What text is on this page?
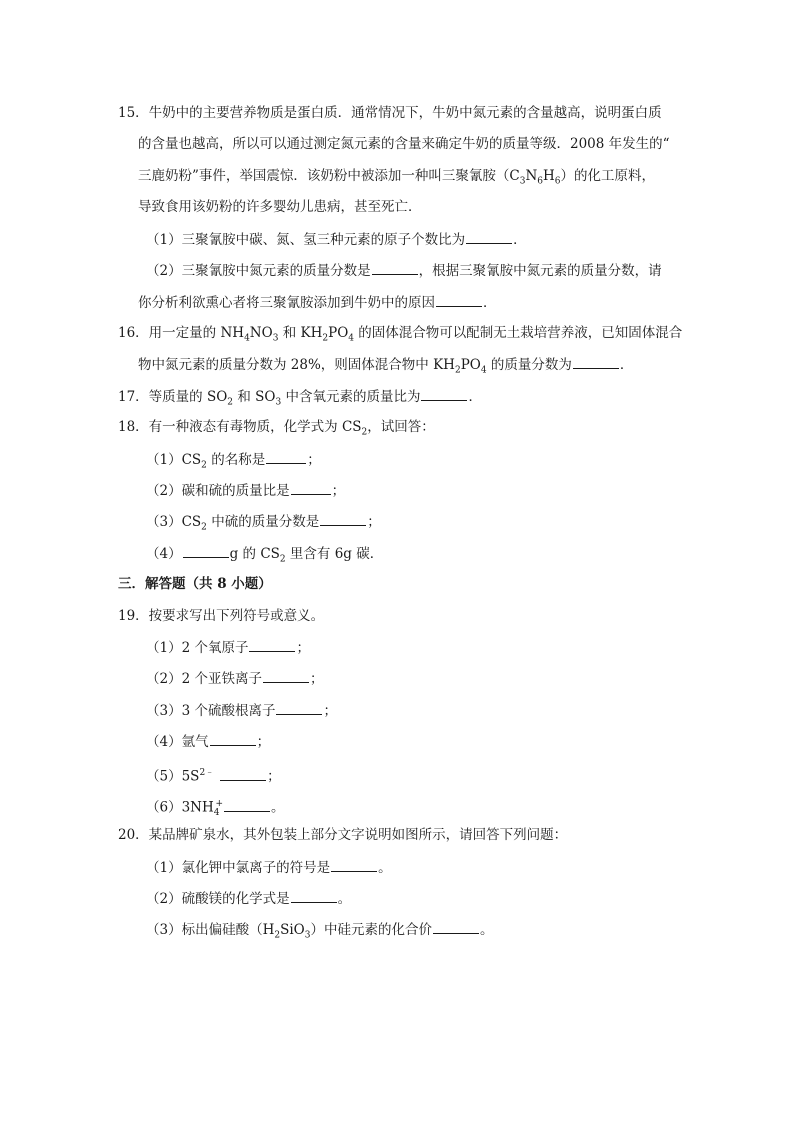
15．牛奶中的主要营养物质是蛋白质．通常情况下，牛奶中氮元素的含量越高，说明蛋白质
的含量也越高，所以可以通过测定氮元素的含量来确定牛奶的质量等级．2008 年发生的“
三鹿奶粉”事件，举国震惊．该奶粉中被添加一种叫三聚氰胺$(C_3N_6H_6)$的化工原料，
导致食用该奶粉的许多婴幼儿患病，甚至死亡．
（1）三聚氰胺中碳、氮、氢三种元素的原子个数比为	．
（2）三聚氰胺中氮元素的质量分数是	，根据三聚氰胺中氮元素的质量分数，请
你分析利欲熏心者将三聚氰胺添加到牛奶中的原因	．
16．用一定量的 $NH_4NO_3$ 和 $KH_2PO_4$ 的固体混合物可以配制无土栽培营养液，已知固体混合
物中氮元素的质量分数为 28%，则固体混合物中 $KH_2PO_4$ 的质量分数为	．
17．等质量的 $SO_2$ 和 $SO_3$ 中含氧元素的质量比为	．
18．有一种液态有毒物质，化学式为 $CS_2$，试回答：
$(1)CS_2$ 的名称是	；
（2）碳和硫的质量比是	；
$(3)CS_2$ 中硫的质量分数是	；
（4）	g 的 $CS_2$ 里含有 6g 碳．
三．解答题（共 8 小题）
19．按要求写出下列符号或意义。
（1）2 个氧原子	；
（2）2 个亚铁离子	；
（3）3 个硫酸根离子	；
（4）氩气	；
$(5)5S^{2﹣}$	；
$(6)3NH_4^+$	。
20．某品牌矿泉水，其外包装上部分文字说明如图所示，请回答下列问题：
（1）氯化钾中氯离子的符号是	。
（2）硫酸镁的化学式是	。
（3）标出偏硅酸$(H_2SiO_3)$中硅元素的化合价	。
